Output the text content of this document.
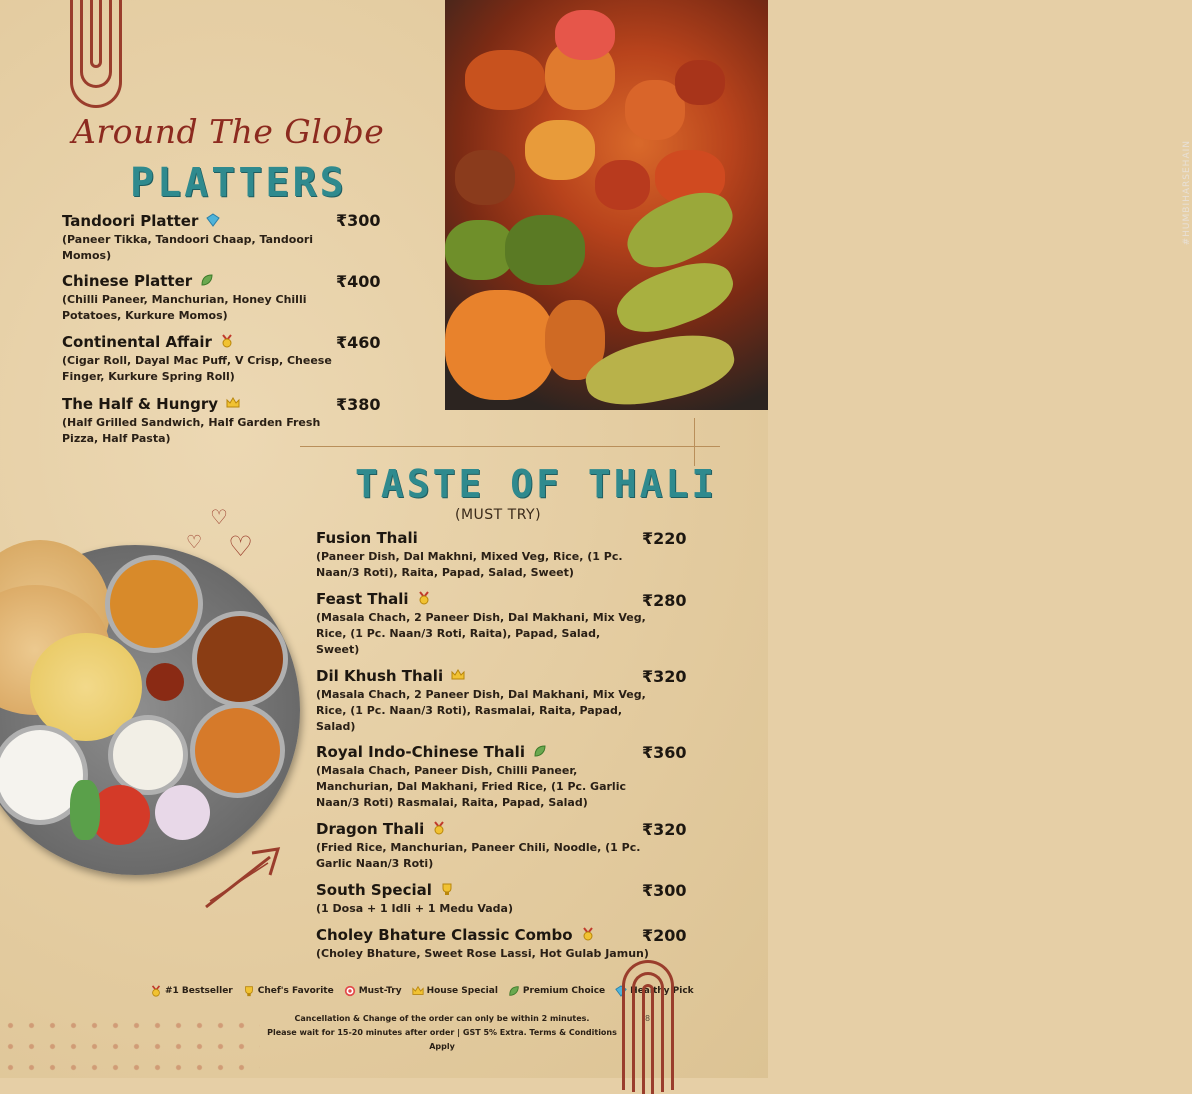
Around The Globe
PLATTERS
Tandoori Platter
(Paneer Tikka, Tandoori Chaap, Tandoori Momos)
₹300
Chinese Platter
(Chilli Paneer, Manchurian, Honey Chilli Potatoes, Kurkure Momos)
₹400
Continental Affair
(Cigar Roll, Dayal Mac Puff, V Crisp, Cheese Finger, Kurkure Spring Roll)
₹460
The Half & Hungry
(Half Grilled Sandwich, Half Garden Fresh Pizza, Half Pasta)
₹380
#HUMBIHARSEHAIN
TASTE OF THALI
(MUST TRY)
♡
♡ ♡	Fusion Thali
(Paneer Dish, Dal Makhni, Mixed Veg, Rice, (1 Pc. Naan/3 Roti), Raita, Papad, Salad, Sweet)
₹220
Feast Thali
(Masala Chach, 2 Paneer Dish, Dal Makhani, Mix Veg, Rice, (1 Pc. Naan/3 Roti, Raita), Papad, Salad, Sweet)
₹280
Dil Khush Thali
(Masala Chach, 2 Paneer Dish, Dal Makhani, Mix Veg, Rice, (1 Pc. Naan/3 Roti), Rasmalai, Raita, Papad, Salad)
₹320
Royal Indo-Chinese Thali
(Masala Chach, Paneer Dish, Chilli Paneer, Manchurian, Dal Makhani, Fried Rice, (1 Pc. Garlic Naan/3 Roti) Rasmalai, Raita, Papad, Salad)
₹360
Dragon Thali
(Fried Rice, Manchurian, Paneer Chili, Noodle, (1 Pc. Garlic Naan/3 Roti)
₹320
South Special
(1 Dosa + 1 Idli + 1 Medu Vada)
₹300
Choley Bhature Classic Combo
(Choley Bhature, Sweet Rose Lassi, Hot Gulab Jamun)
₹200
#1 Bestseller	Chef's Favorite	Must-Try	House Special	Premium Choice	Healthy Pick
Cancellation & Change of the order can only be within 2 minutes.
Please wait for 15-20 minutes after order | GST 5% Extra. Terms & Conditions Apply
8
